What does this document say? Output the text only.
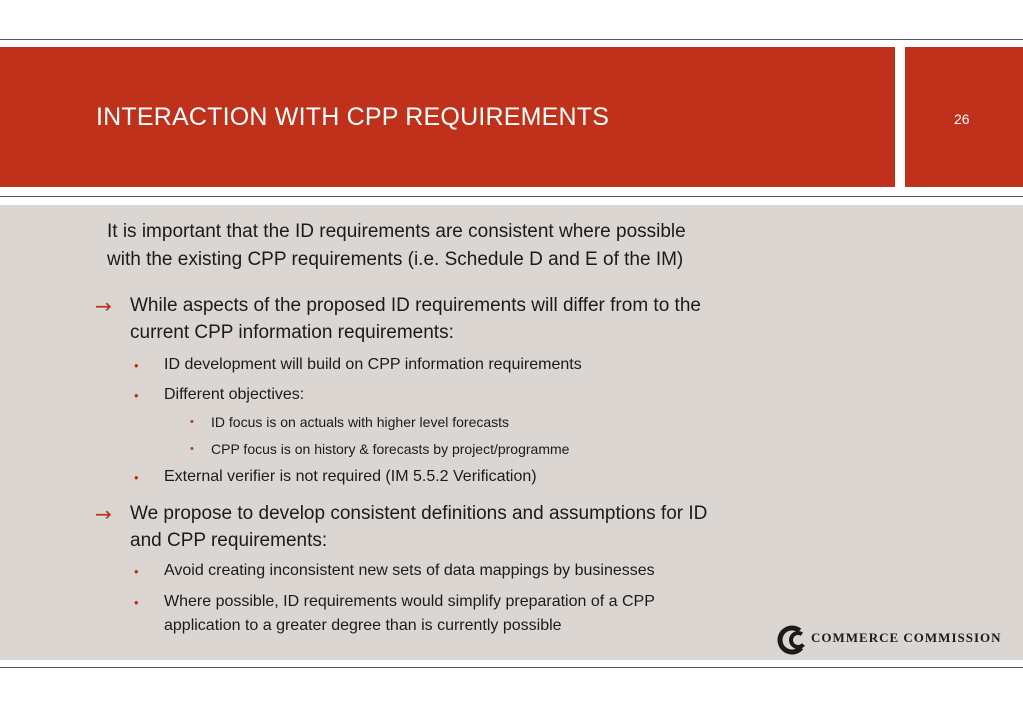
INTERACTION WITH CPP REQUIREMENTS	26
It is important that the ID requirements are consistent where possible
with the existing CPP requirements (i.e. Schedule D and E of the IM)
→ While aspects of the proposed ID requirements will differ from to the
current CPP information requirements:
• ID development will build on CPP information requirements
• Different objectives:
• ID focus is on actuals with higher level forecasts
• CPP focus is on history & forecasts by project/programme
• External verifier is not required (IM 5.5.2 Verification)
→ We propose to develop consistent definitions and assumptions for ID
and CPP requirements:
• Avoid creating inconsistent new sets of data mappings by businesses
• Where possible, ID requirements would simplify preparation of a CPP
application to a greater degree than is currently possible
COMMERCE COMMISSION
